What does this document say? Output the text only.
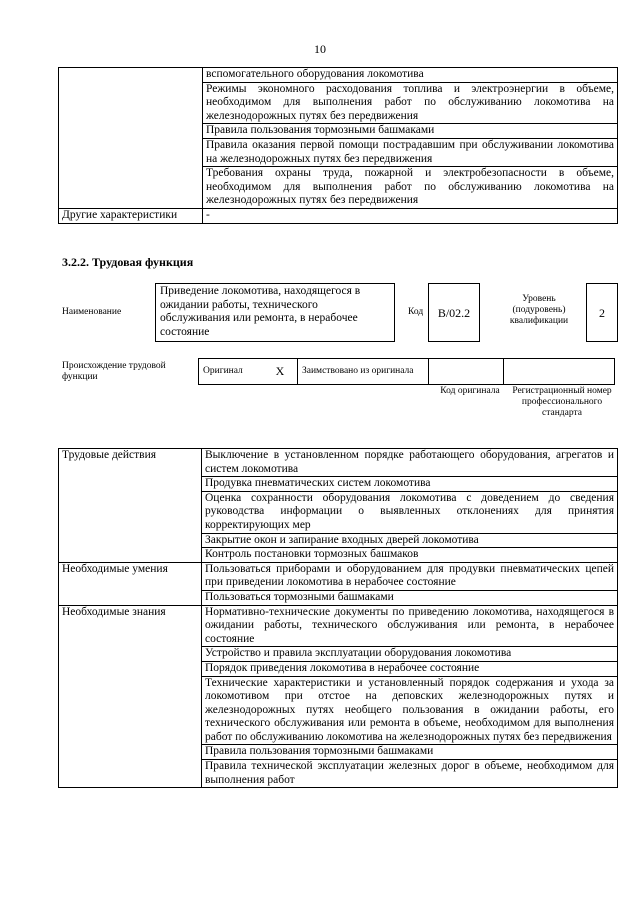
10
	вспомогательного оборудования локомотива
	Режимы экономного расходования топлива и электроэнергии в объеме, необходимом для выполнения работ по обслуживанию локомотива на железнодорожных путях без передвижения
	Правила пользования тормозными башмаками
	Правила оказания первой помощи пострадавшим при обслуживании локомотива на железнодорожных путях без передвижения
	Требования охраны труда, пожарной и электробезопасности в объеме, необходимом для выполнения работ по обслуживанию локомотива на железнодорожных путях без передвижения
Другие характеристики	-
3.2.2. Трудовая функция
Наименование
Приведение локомотива, находящегося в ожидании работы, технического обслуживания или ремонта, в нерабочее состояние
Код	B/02.2
Уровень (подуровень) квалификации
2
Происхождение трудовой функции
Оригинал	X	Заимствовано из оригинала		
Код оригинала Регистрационный номер профессионального стандарта
Трудовые действия	Выключение в установленном порядке работающего оборудования, агрегатов и систем локомотива
	Продувка пневматических систем локомотива
	Оценка сохранности оборудования локомотива с доведением до сведения руководства информации о выявленных отклонениях для принятия корректирующих мер
	Закрытие окон и запирание входных дверей локомотива
	Контроль постановки тормозных башмаков
Необходимые умения	Пользоваться приборами и оборудованием для продувки пневматических цепей при приведении локомотива в нерабочее состояние
	Пользоваться тормозными башмаками
Необходимые знания	Нормативно-технические документы по приведению локомотива, находящегося в ожидании работы, технического обслуживания или ремонта, в нерабочее состояние
	Устройство и правила эксплуатации оборудования локомотива
	Порядок приведения локомотива в нерабочее состояние
	Технические характеристики и установленный порядок содержания и ухода за локомотивом при отстое на деповских железнодорожных путях и железнодорожных путях необщего пользования в ожидании работы, его технического обслуживания или ремонта в объеме, необходимом для выполнения работ по обслуживанию локомотива на железнодорожных путях без передвижения
	Правила пользования тормозными башмаками
	Правила технической эксплуатации железных дорог в объеме, необходимом для выполнения работ
